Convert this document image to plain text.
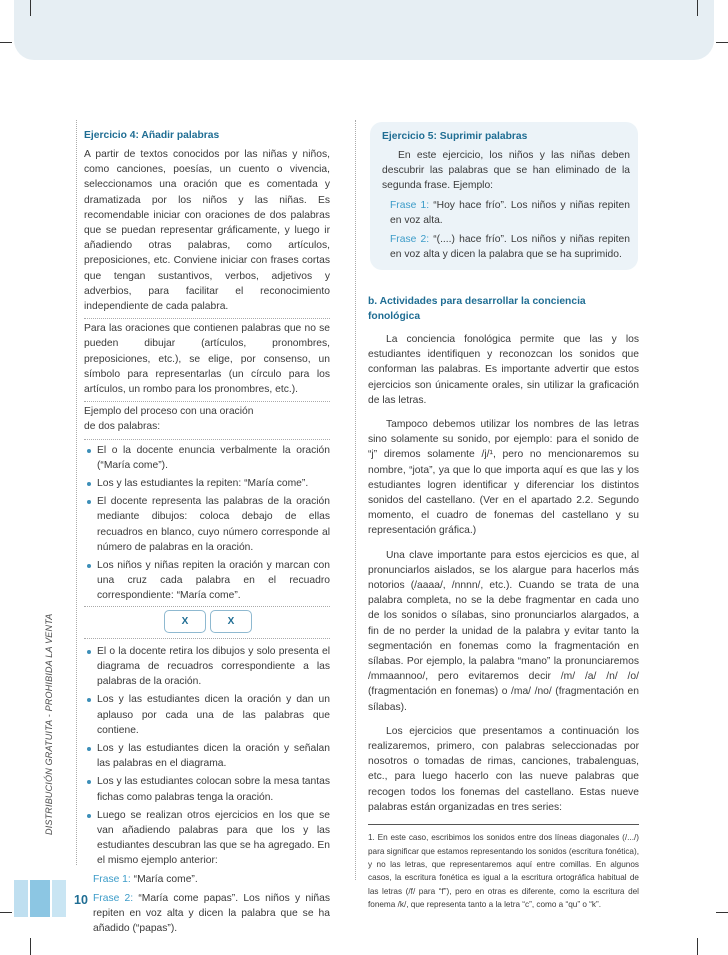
DISTRIBUCIÓN GRATUITA - PROHIBIDA LA VENTA
10
Ejercicio 4: Añadir palabras

A partir de textos conocidos por las niñas y niños, como canciones, poesías, un cuento o vivencia, seleccionamos una oración que es comentada y dramatizada por los niños y las niñas. Es recomendable iniciar con oraciones de dos palabras que se puedan representar gráficamente, y luego ir añadiendo otras palabras, como artículos, preposiciones, etc. Conviene iniciar con frases cortas que tengan sustantivos, verbos, adjetivos y adverbios, para facilitar el reconocimiento independiente de cada palabra.

Para las oraciones que contienen palabras que no se pueden dibujar (artículos, pronombres, preposiciones, etc.), se elige, por consenso, un símbolo para representarlas (un círculo para los artículos, un rombo para los pronombres, etc.).

Ejemplo del proceso con una oración de dos palabras:

El o la docente enuncia verbalmente la oración (“María come”).
Los y las estudiantes la repiten: “María come”.
El docente representa las palabras de la oración mediante dibujos: coloca debajo de ellas recuadros en blanco, cuyo número corresponde al número de palabras en la oración.
Los niños y niñas repiten la oración y marcan con una cruz cada palabra en el recuadro correspondiente: “María come”.
X	X
El o la docente retira los dibujos y solo presenta el diagrama de recuadros correspondiente a las palabras de la oración.
Los y las estudiantes dicen la oración y dan un aplauso por cada una de las palabras que contiene.
Los y las estudiantes dicen la oración y señalan las palabras en el diagrama.
Los y las estudiantes colocan sobre la mesa tantas fichas como palabras tenga la oración.
Luego se realizan otros ejercicios en los que se van añadiendo palabras para que los y las estudiantes descubran las que se ha agregado. En el mismo ejemplo anterior:

Frase 1: “María come”.

Frase 2: “María come papas”. Los niños y niñas repiten en voz alta y dicen la palabra que se ha añadido (“papas”).

Ejercicio 5: Suprimir palabras

En este ejercicio, los niños y las niñas deben descubrir las palabras que se han eliminado de la segunda frase. Ejemplo:

Frase 1: “Hoy hace frío”. Los niños y niñas repiten en voz alta.

Frase 2: “(....) hace frío”. Los niños y niñas repiten en voz alta y dicen la palabra que se ha suprimido.

b. Actividades para desarrollar la conciencia fonológica

La conciencia fonológica permite que las y los estudiantes identifiquen y reconozcan los sonidos que conforman las palabras. Es importante advertir que estos ejercicios son únicamente orales, sin utilizar la graficación de las letras.

Tampoco debemos utilizar los nombres de las letras sino solamente su sonido, por ejemplo: para el sonido de “j” diremos solamente /j/¹, pero no mencionaremos su nombre, “jota”, ya que lo que importa aquí es que las y los estudiantes logren identificar y diferenciar los distintos sonidos del castellano. (Ver en el apartado 2.2. Segundo momento, el cuadro de fonemas del castellano y su representación gráfica.)

Una clave importante para estos ejercicios es que, al pronunciarlos aislados, se los alargue para hacerlos más notorios (/aaaa/, /nnnn/, etc.). Cuando se trata de una palabra completa, no se la debe fragmentar en cada uno de los sonidos o sílabas, sino pronunciarlos alargados, a fin de no perder la unidad de la palabra y evitar tanto la segmentación en fonemas como la fragmentación en sílabas. Por ejemplo, la palabra “mano” la pronunciaremos /mmaannoo/, pero evitaremos decir /m/ /a/ /n/ /o/ (fragmentación en fonemas) o /ma/ /no/ (fragmentación en sílabas).

Los ejercicios que presentamos a continuación los realizaremos, primero, con palabras seleccionadas por nosotros o tomadas de rimas, canciones, trabalenguas, etc., para luego hacerlo con las nueve palabras que recogen todos los fonemas del castellano. Estas nueve palabras están organizadas en tres series:

1. En este caso, escribimos los sonidos entre dos líneas diagonales (/.../) para significar que estamos representando los sonidos (escritura fonética), y no las letras, que representaremos aquí entre comillas. En algunos casos, la escritura fonética es igual a la escritura ortográfica habitual de las letras (/f/ para “f”), pero en otras es diferente, como la escritura del fonema /k/, que representa tanto a la letra “c”, como a “qu” o “k”.
